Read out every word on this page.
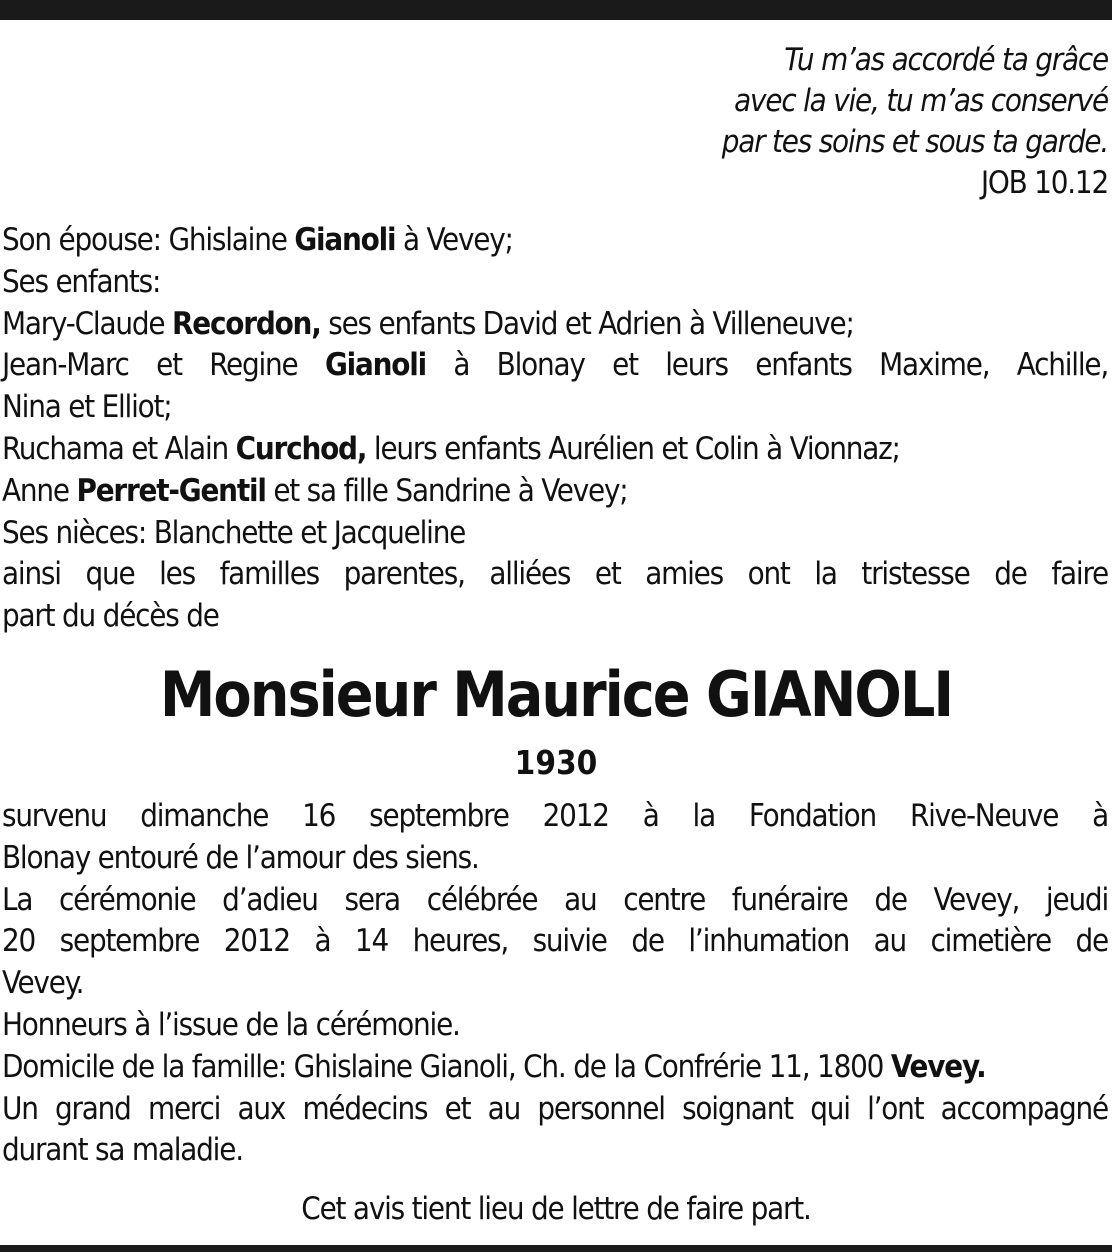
Tu m’as accordé ta grâce
avec la vie, tu m’as conservé
par tes soins et sous ta garde.
JOB 10.12
Son épouse: Ghislaine Gianoli à Vevey;
Ses enfants:
Mary-Claude Recordon, ses enfants David et Adrien à Villeneuve;
Jean-Marc et Regine Gianoli à Blonay et leurs enfants Maxime, Achille,
Nina et Elliot;
Ruchama et Alain Curchod, leurs enfants Aurélien et Colin à Vionnaz;
Anne Perret-Gentil et sa fille Sandrine à Vevey;
Ses nièces: Blanchette et Jacqueline
ainsi que les familles parentes, alliées et amies ont la tristesse de faire
part du décès de
Monsieur Maurice GIANOLI
1930
survenu dimanche 16 septembre 2012 à la Fondation Rive-Neuve à
Blonay entouré de l’amour des siens.
La cérémonie d’adieu sera célébrée au centre funéraire de Vevey, jeudi
20 septembre 2012 à 14 heures, suivie de l’inhumation au cimetière de
Vevey.
Honneurs à l’issue de la cérémonie.
Domicile de la famille: Ghislaine Gianoli, Ch. de la Confrérie 11, 1800 Vevey.
Un grand merci aux médecins et au personnel soignant qui l’ont accompagné
durant sa maladie.
Cet avis tient lieu de lettre de faire part.
